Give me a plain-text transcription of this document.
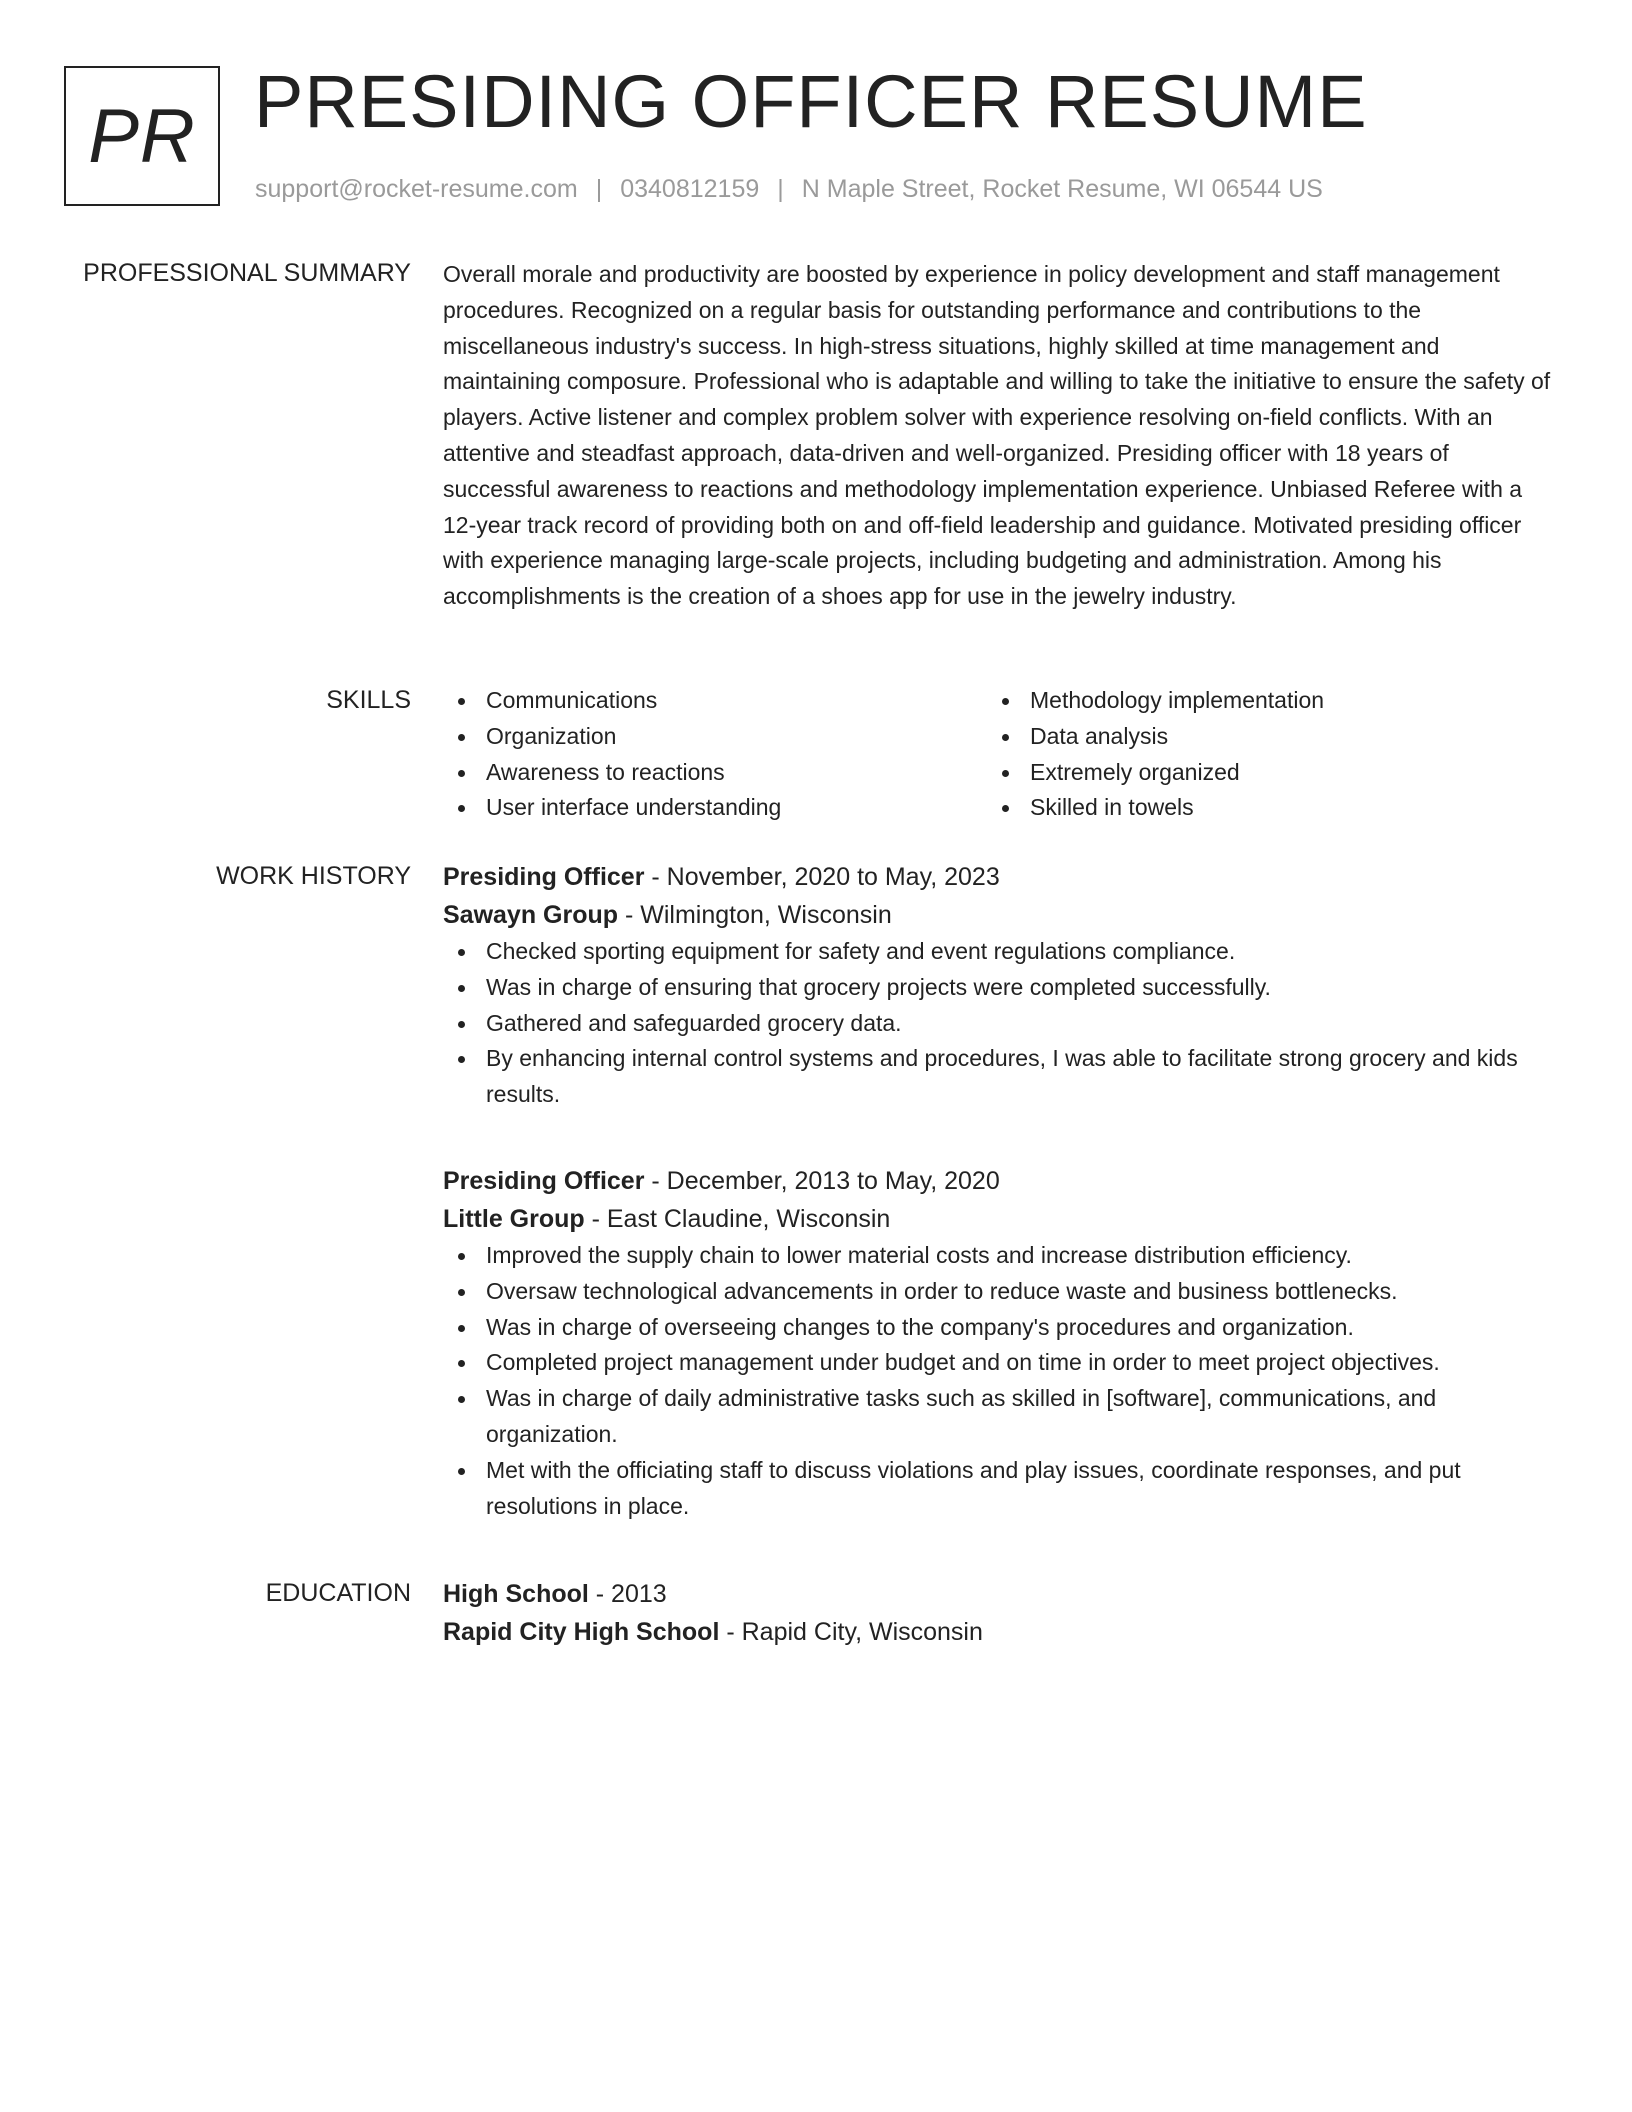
PR PRESIDING OFFICER RESUME
support@rocket-resume.com | 0340812159 | N Maple Street, Rocket Resume, WI 06544 US
PROFESSIONAL SUMMARY Overall morale and productivity are boosted by experience in policy development and staff management procedures. Recognized on a regular basis for outstanding performance and contributions to the miscellaneous industry's success. In high-stress situations, highly skilled at time management and maintaining composure. Professional who is adaptable and willing to take the initiative to ensure the safety of players. Active listener and complex problem solver with experience resolving on-field conflicts. With an attentive and steadfast approach, data-driven and well-organized. Presiding officer with 18 years of successful awareness to reactions and methodology implementation experience. Unbiased Referee with a 12-year track record of providing both on and off-field leadership and guidance. Motivated presiding officer with experience managing large-scale projects, including budgeting and administration. Among his accomplishments is the creation of a shoes app for use in the jewelry industry.

SKILLS	Communications
Organization
Awareness to reactions
User interface understanding
Methodology implementation
Data analysis
Extremely organized
Skilled in towels
WORK HISTORY Presiding Officer - November, 2020 to May, 2023
Sawayn Group - Wilmington, Wisconsin
Checked sporting equipment for safety and event regulations compliance.
Was in charge of ensuring that grocery projects were completed successfully.
Gathered and safeguarded grocery data.
By enhancing internal control systems and procedures, I was able to facilitate strong grocery and kids results.
Presiding Officer - December, 2013 to May, 2020
Little Group - East Claudine, Wisconsin
Improved the supply chain to lower material costs and increase distribution efficiency.
Oversaw technological advancements in order to reduce waste and business bottlenecks.
Was in charge of overseeing changes to the company's procedures and organization.
Completed project management under budget and on time in order to meet project objectives.
Was in charge of daily administrative tasks such as skilled in [software], communications, and organization.
Met with the officiating staff to discuss violations and play issues, coordinate responses, and put resolutions in place.
EDUCATION High School - 2013
Rapid City High School - Rapid City, Wisconsin
